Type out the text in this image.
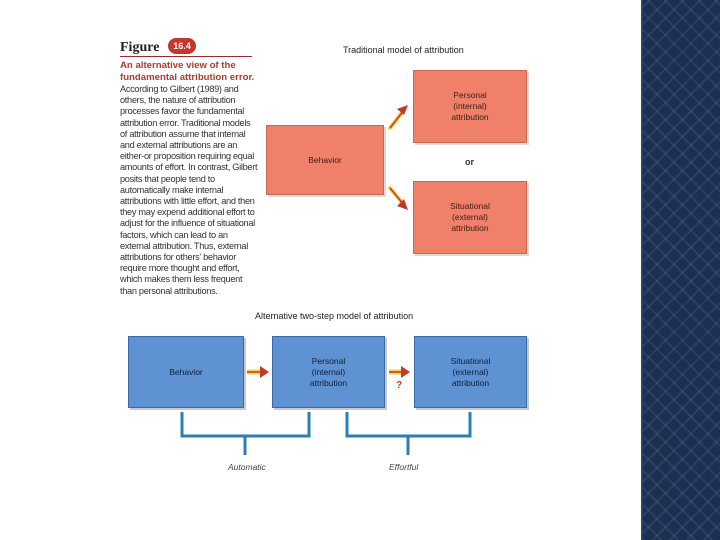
Figure	16.4
An alternative view of the fundamental attribution error.
According to Gilbert (1989) and others, the nature of attribution processes favor the fundamental attribution error. Traditional models of attribution assume that internal and external attributions are an either-or proposition requiring equal amounts of effort. In contrast, Gilbert posits that people tend to automatically make internal attributions with little effort, and then they may expend additional effort to adjust for the influence of situational factors, which can lead to an external attribution. Thus, external attributions for others' behavior require more thought and effort, which makes them less frequent than personal attributions.
Traditional model of attribution
Behavior
Personal
(internal)
attribution
or
Situational
(external)
attribution
Alternative two-step model of attribution
Behavior
Personal
(internal)
attribution	?
Situational
(external)
attribution
Automatic	Effortful
